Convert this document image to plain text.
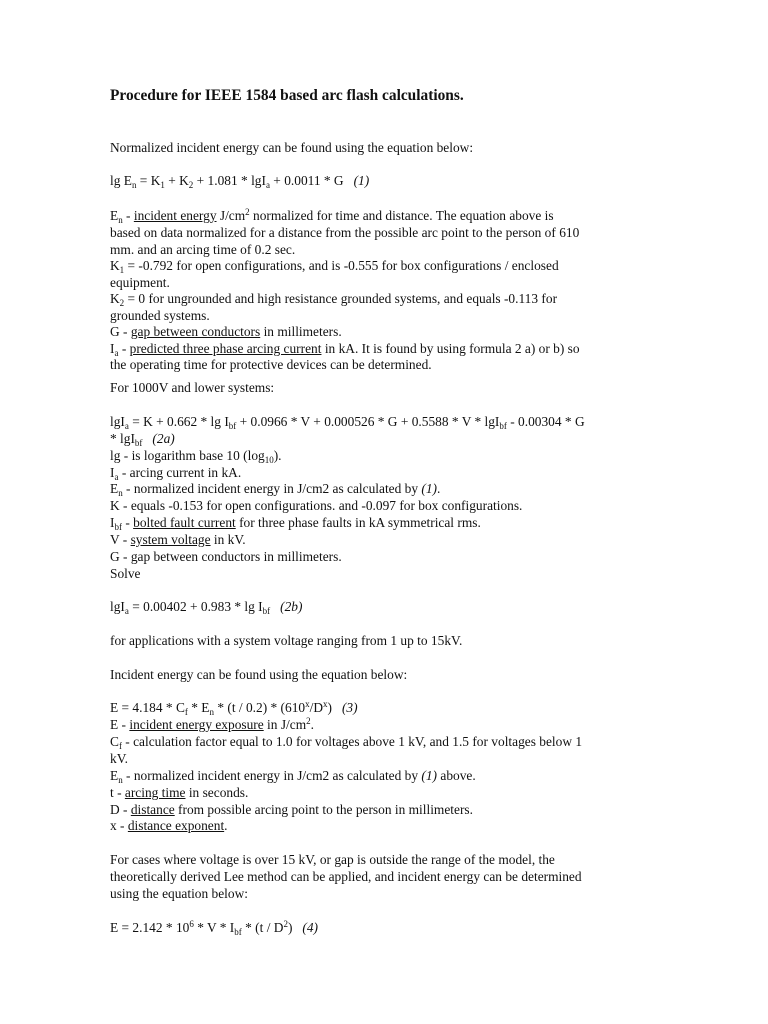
Procedure for IEEE 1584 based arc flash calculations.
Normalized incident energy can be found using the equation below:
$\lg E_n = K_1 + K_2 + 1.081 * \lg I_a + 0.0011 * G$ (1)
$E_n$ - incident energy $J/cm^2$ normalized for time and distance. The equation above is
based on data normalized for a distance from the possible arc point to the person of 610
mm. and an arcing time of 0.2 sec.
$K_1 = -0.792$ for open configurations, and is -0.555 for box configurations / enclosed
equipment.
$K_2 = 0$ for ungrounded and high resistance grounded systems, and equals -0.113 for
grounded systems.
G - gap between conductors in millimeters.
$I_a$ - predicted three phase arcing current in kA. It is found by using formula 2 a) or b) so
the operating time for protective devices can be determined.
For 1000V and lower systems:
$\lg I_a = K + 0.662 * \lg I_{bf} + 0.0966 * V + 0.000526 * G + 0.5588 * V * \lg I_{bf} - 0.00304 * G$
* lgI$_{bf}$ (2a)
lg - is logarithm base 10 $(\log_{10})$.
$I_a$ - arcing current in kA.
$E_n$ - normalized incident energy in J/cm2 as calculated by (1).
K - equals -0.153 for open configurations. and -0.097 for box configurations.
$I_{bf}$ - bolted fault current for three phase faults in kA symmetrical rms.
V - system voltage in kV.
G - gap between conductors in millimeters.
Solve
$\lg I_a = 0.00402 + 0.983 * \lg I_{bf}$ (2b)
for applications with a system voltage ranging from 1 up to 15kV.
Incident energy can be found using the equation below:
$E = 4.184 * C_f * E_n * (t / 0.2) * (610^x/D^x)$ (3)
E - incident energy exposure in $J/cm^2$.
$C_f$ - calculation factor equal to 1.0 for voltages above 1 kV, and 1.5 for voltages below 1
kV.
$E_n$ - normalized incident energy in J/cm2 as calculated by (1) above.
t - arcing time in seconds.
D - distance from possible arcing point to the person in millimeters.
x - distance exponent.
For cases where voltage is over 15 kV, or gap is outside the range of the model, the
theoretically derived Lee method can be applied, and incident energy can be determined
using the equation below:
$E = 2.142 * 10^6 * V * I_{bf} * (t / D^2)$ (4)
